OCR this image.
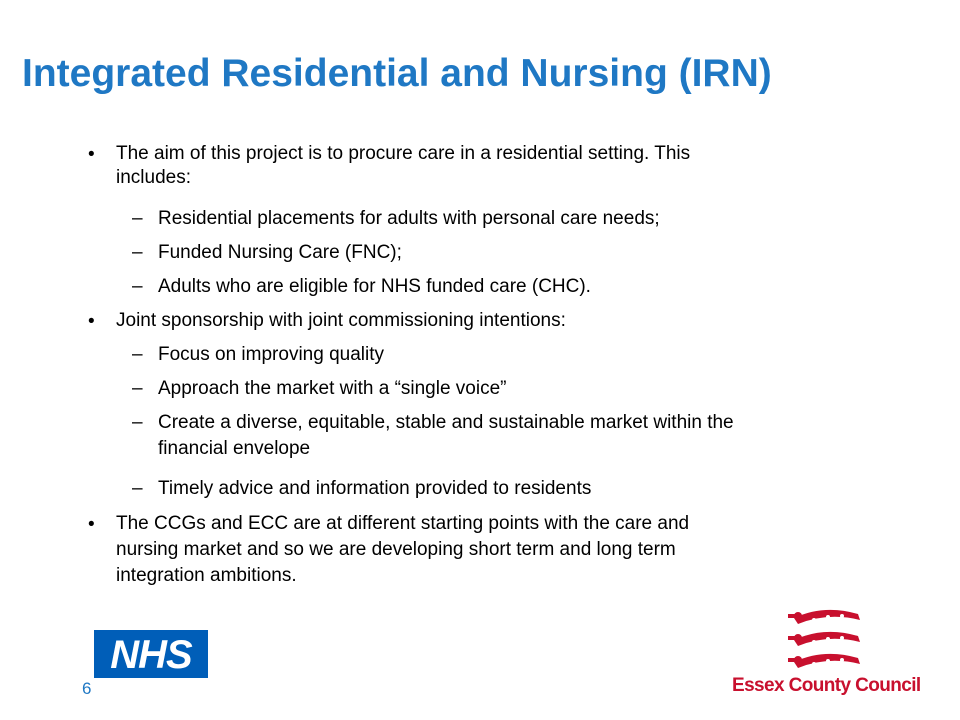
Integrated Residential and Nursing (IRN)
• The aim of this project is to procure care in a residential setting. This
includes:
– Residential placements for adults with personal care needs;
– Funded Nursing Care (FNC);
– Adults who are eligible for NHS funded care (CHC).
• Joint sponsorship with joint commissioning intentions:
– Focus on improving quality
– Approach the market with a “single voice”
– Create a diverse, equitable, stable and sustainable market within the
financial envelope
– Timely advice and information provided to residents
• The CCGs and ECC are at different starting points with the care and
nursing market and so we are developing short term and long term
integration ambitions.
NHS
6	Essex County Council
